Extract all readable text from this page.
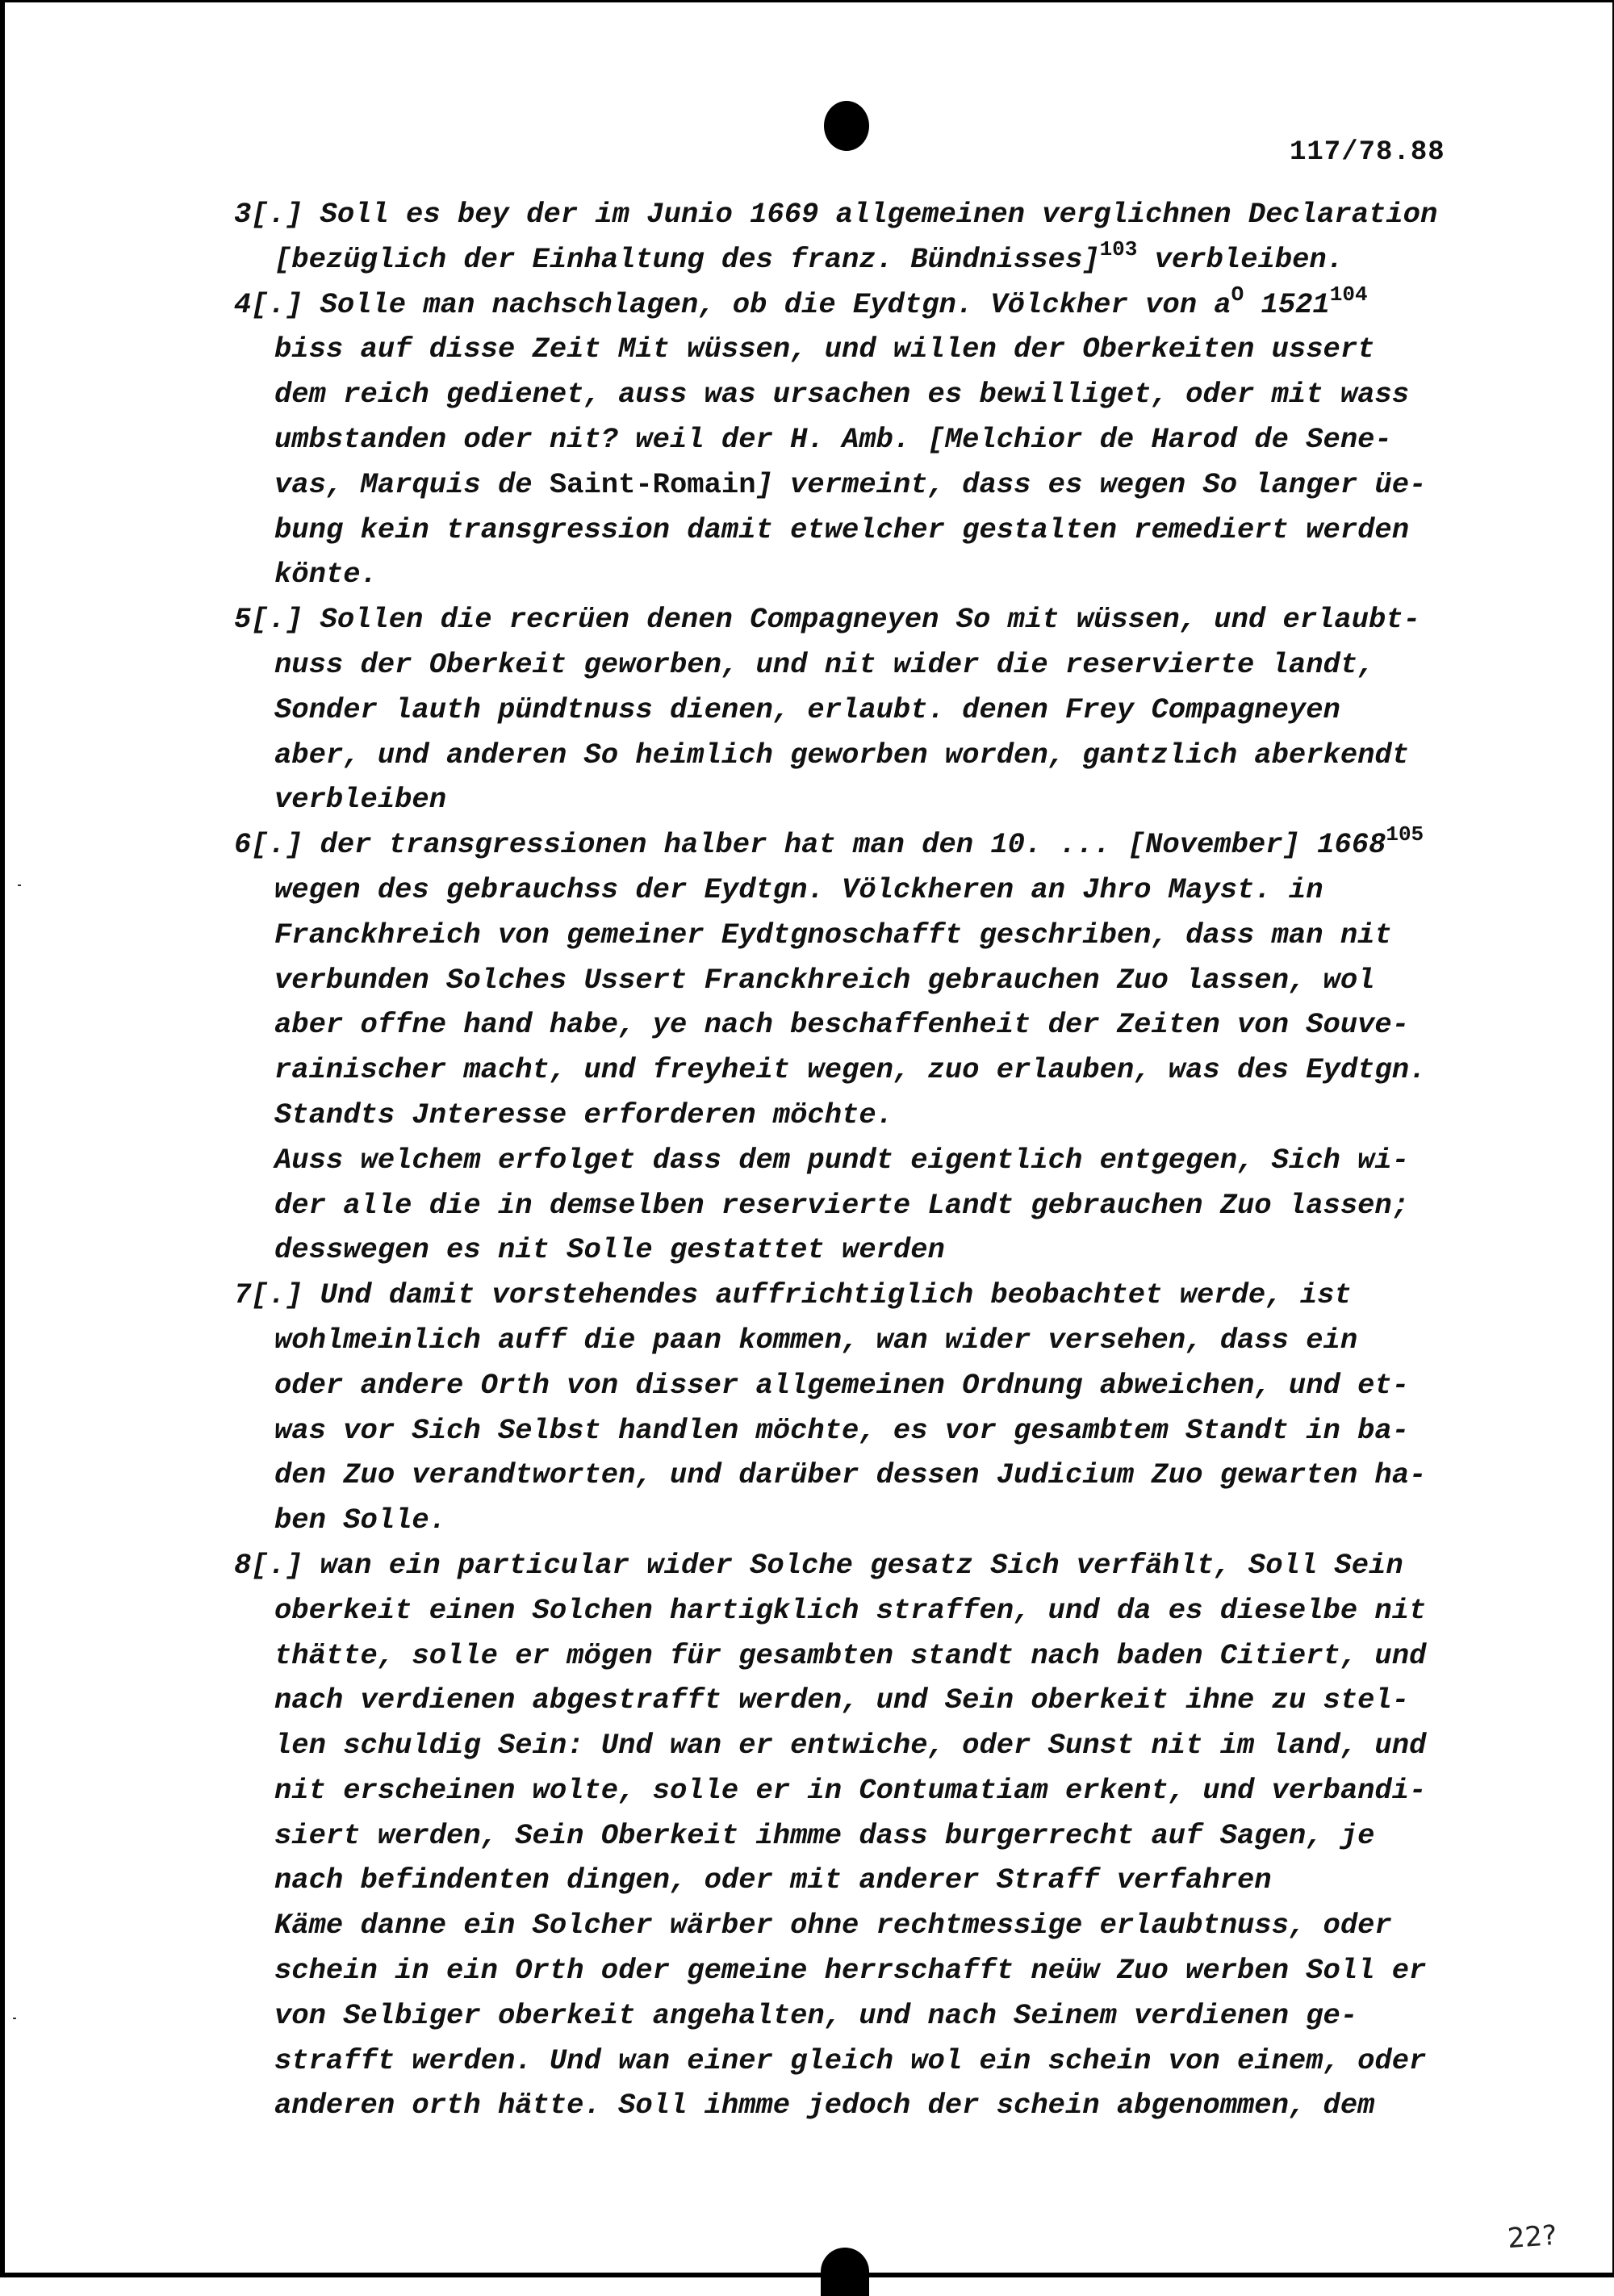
117/78.88
3[.] Soll es bey der im Junio 1669 allgemeinen verglichnen Declaration
[bezüglich der Einhaltung des franz. Bündnisses]$^{103}$ verbleiben.
4[.] Solle man nachschlagen, ob die Eydtgn. Völckher von $a^O$ 1521$^{104}$
biss auf disse Zeit Mit wüssen, und willen der Oberkeiten ussert
dem reich gedienet, auss was ursachen es bewilliget, oder mit wass
umbstanden oder nit? weil der H. Amb. [Melchior de Harod de Sene-
vas, Marquis de Saint-Romain] vermeint, dass es wegen So langer üe-
bung kein transgression damit etwelcher gestalten remediert werden
könte.
5[.] Sollen die recrüen denen Compagneyen So mit wüssen, und erlaubt-
nuss der Oberkeit geworben, und nit wider die reservierte landt,
Sonder lauth pündtnuss dienen, erlaubt. denen Frey Compagneyen
aber, und anderen So heimlich geworben worden, gantzlich aberkendt
verbleiben
6[.] der transgressionen halber hat man den 10. ... [November] 1668$^{105}$
wegen des gebrauchss der Eydtgn. Völckheren an Jhro Mayst. in
Franckhreich von gemeiner Eydtgnoschafft geschriben, dass man nit
verbunden Solches Ussert Franckhreich gebrauchen Zuo lassen, wol
aber offne hand habe, ye nach beschaffenheit der Zeiten von Souve-
rainischer macht, und freyheit wegen, zuo erlauben, was des Eydtgn.
Standts Jnteresse erforderen möchte.
Auss welchem erfolget dass dem pundt eigentlich entgegen, Sich wi-
der alle die in demselben reservierte Landt gebrauchen Zuo lassen;
desswegen es nit Solle gestattet werden
7[.] Und damit vorstehendes auffrichtiglich beobachtet werde, ist
wohlmeinlich auff die paan kommen, wan wider versehen, dass ein
oder andere Orth von disser allgemeinen Ordnung abweichen, und et-
was vor Sich Selbst handlen möchte, es vor gesambtem Standt in ba-
den Zuo verandtworten, und darüber dessen Judicium Zuo gewarten ha-
ben Solle.
8[.] wan ein particular wider Solche gesatz Sich verfählt, Soll Sein
oberkeit einen Solchen hartigklich straffen, und da es dieselbe nit
thätte, solle er mögen für gesambten standt nach baden Citiert, und
nach verdienen abgestrafft werden, und Sein oberkeit ihne zu stel-
len schuldig Sein: Und wan er entwiche, oder Sunst nit im land, und
nit erscheinen wolte, solle er in Contumatiam erkent, und verbandi-
siert werden, Sein Oberkeit ihmme dass burgerrecht auf Sagen, je
nach befindenten dingen, oder mit anderer Straff verfahren
Käme danne ein Solcher wärber ohne rechtmessige erlaubtnuss, oder
schein in ein Orth oder gemeine herrschafft neüw Zuo werben Soll er
von Selbiger oberkeit angehalten, und nach Seinem verdienen ge-
strafft werden. Und wan einer gleich wol ein schein von einem, oder
anderen orth hätte. Soll ihmme jedoch der schein abgenommen, dem
22?
